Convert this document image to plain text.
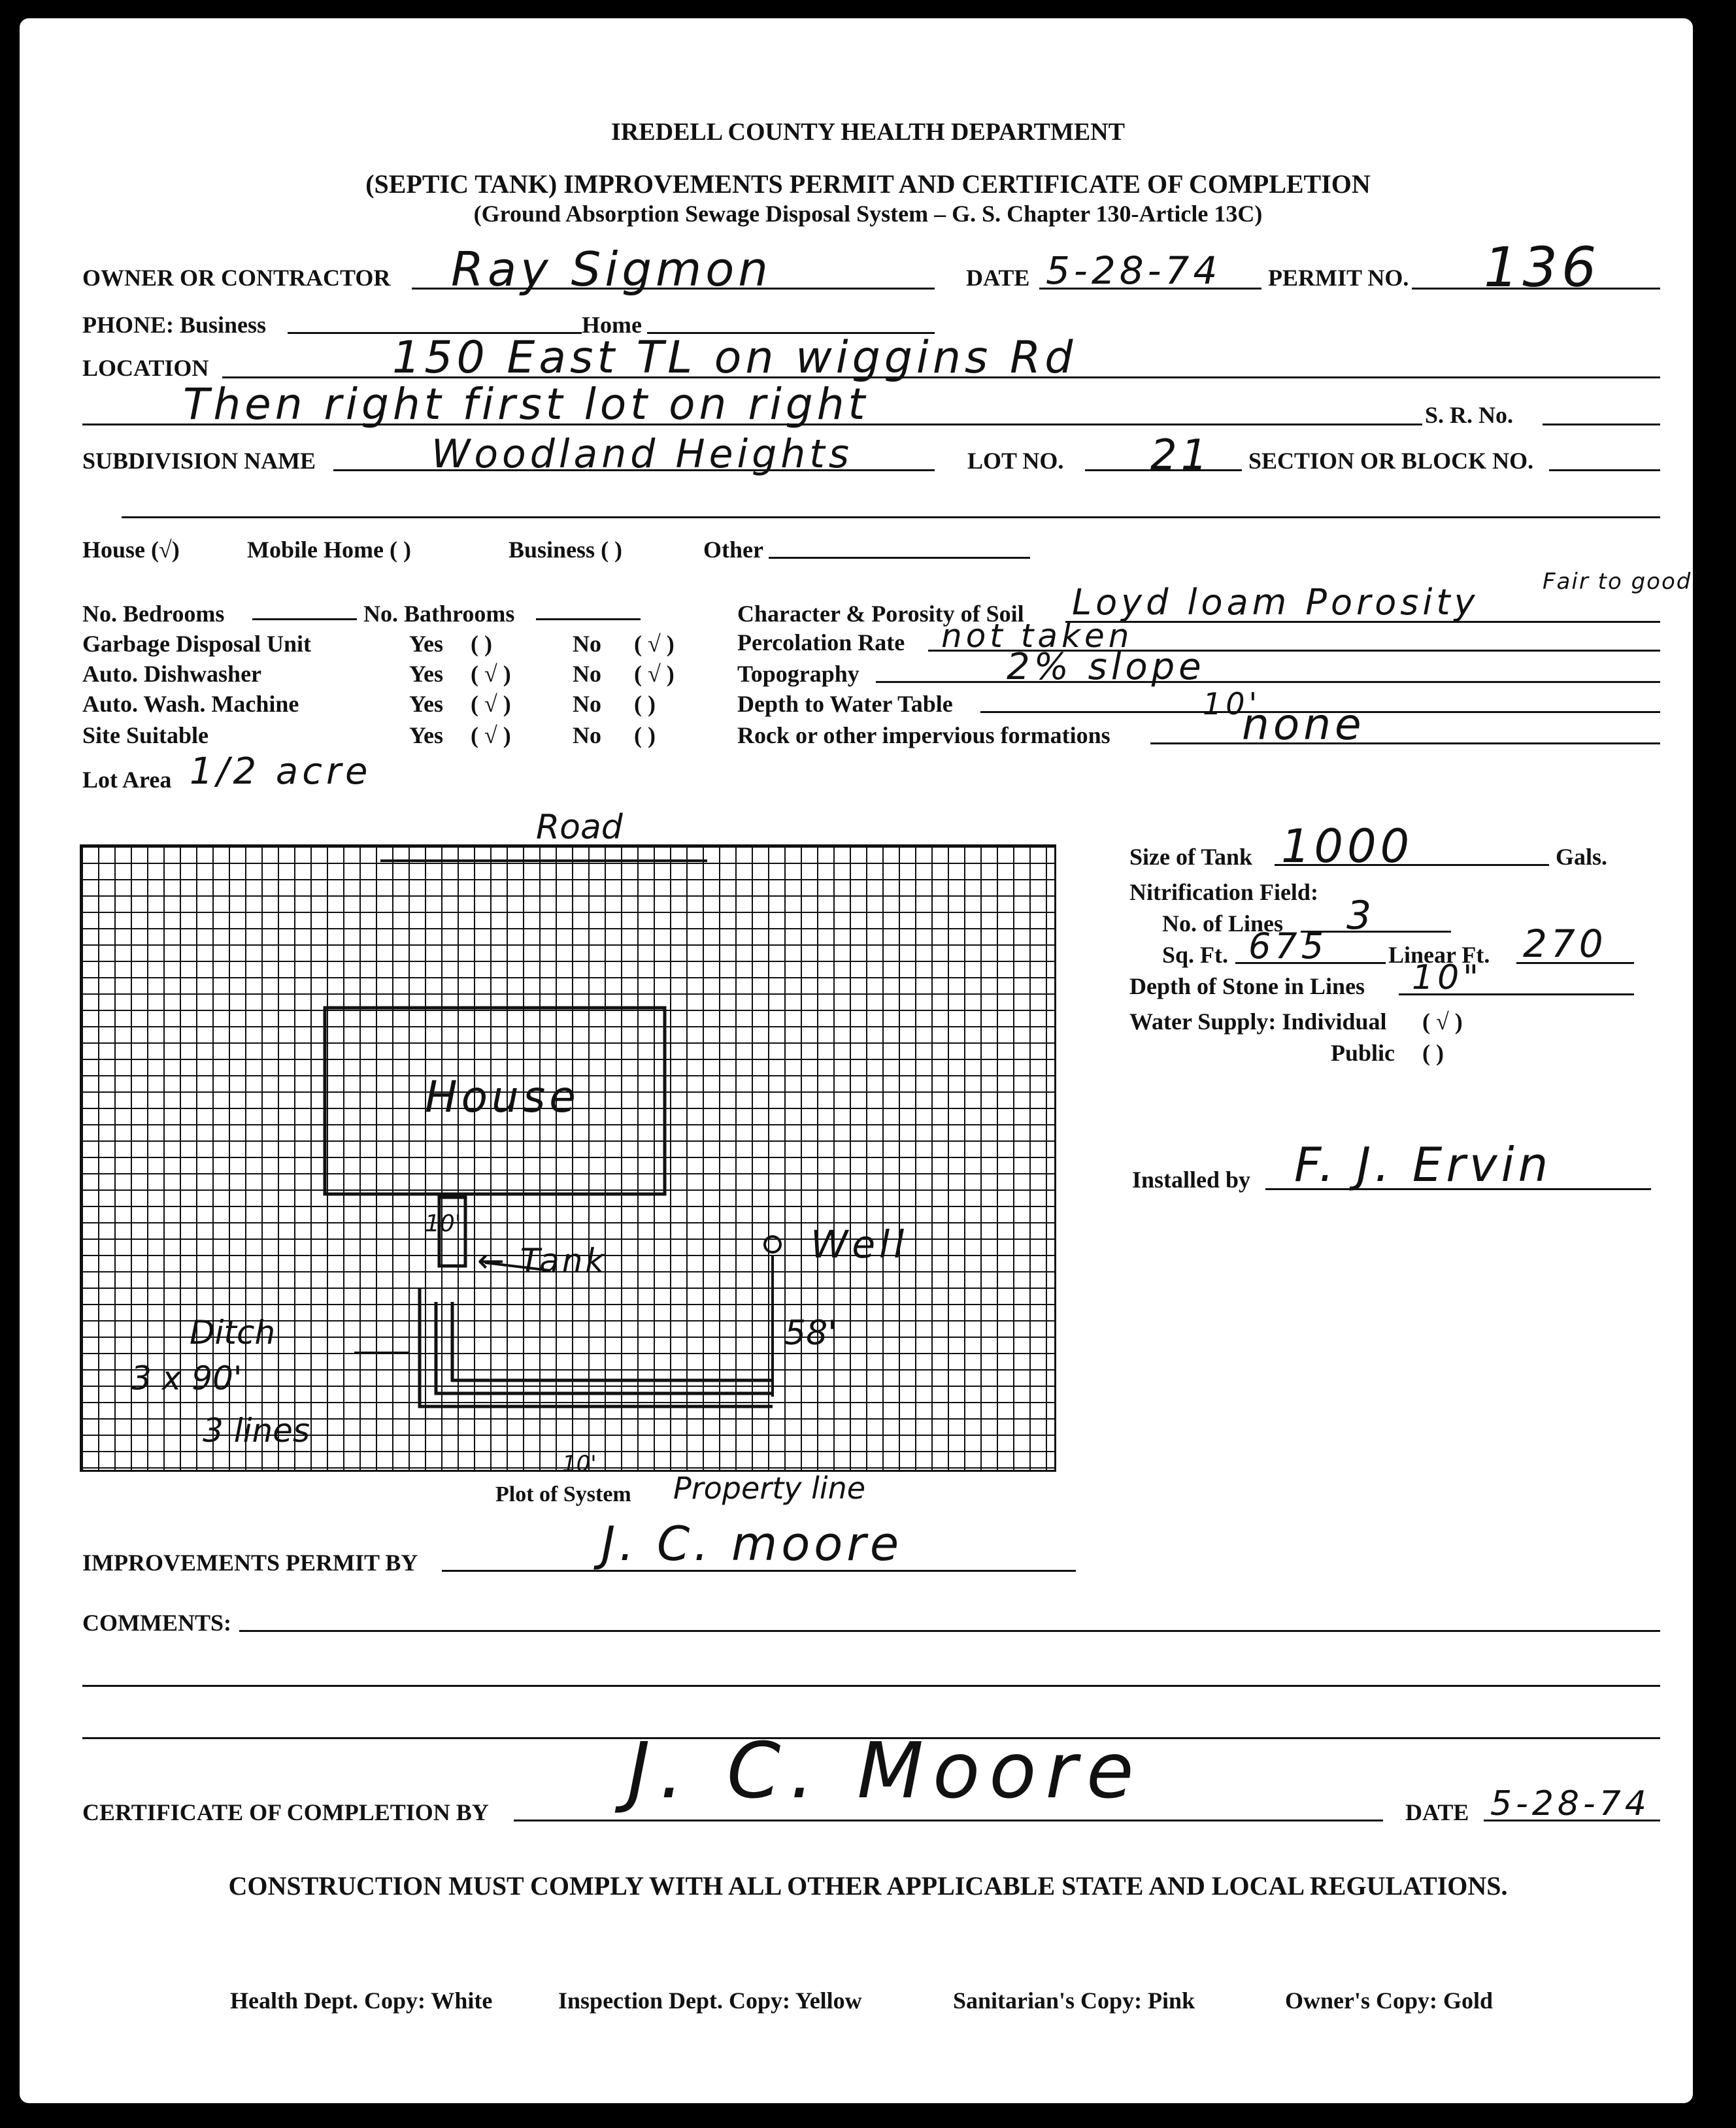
IREDELL COUNTY HEALTH DEPARTMENT
(SEPTIC TANK) IMPROVEMENTS PERMIT AND CERTIFICATE OF COMPLETION
(Ground Absorption Sewage Disposal System – G. S. Chapter 130-Article 13C)
OWNER OR CONTRACTOR Ray Sigmon	DATE 5-28-74 PERMIT NO. 136
PHONE: Business	Home
LOCATION	150 East TL on wiggins Rd
Then right first lot on right	S. R. No.
SUBDIVISION NAME	Woodland Heights	LOT NO. 21 SECTION OR BLOCK NO.
House (√)	Mobile Home ( )	Business ( )	Other
No. Bedrooms	No. Bathrooms
Garbage Disposal Unit	Yes ( )	No ( √ )
Auto. Dishwasher	Yes ( √ )	No ( √ )
Auto. Wash. Machine	Yes ( √ )	No ( )
Site Suitable	Yes ( √ )	No ( )
Lot Area 1/2 acre
Character & Porosity of Soil Loyd loam Porosity	Fair to good
Percolation Rate not taken
Topography	2% slope
Depth to Water Table	10'
Rock or other impervious formations	none
Size of Tank 1000	Gals.
Nitrification Field:
No. of Lines 3
Sq. Ft. 675	Linear Ft. 270
Depth of Stone in Lines 10"
Water Supply: Individual ( √ )
Public ( )
Installed by F. J. Ervin
Road
House
← Tank
10'	Well
58'
Ditch
3 x 90'
3 lines
10'
Plot of System Property line
IMPROVEMENTS PERMIT BY	J. C. moore
COMMENTS:
CERTIFICATE OF COMPLETION BY J. C. Moore	DATE 5-28-74
CONSTRUCTION MUST COMPLY WITH ALL OTHER APPLICABLE STATE AND LOCAL REGULATIONS.
Health Dept. Copy: White	Inspection Dept. Copy: Yellow	Sanitarian's Copy: Pink	Owner's Copy: Gold
